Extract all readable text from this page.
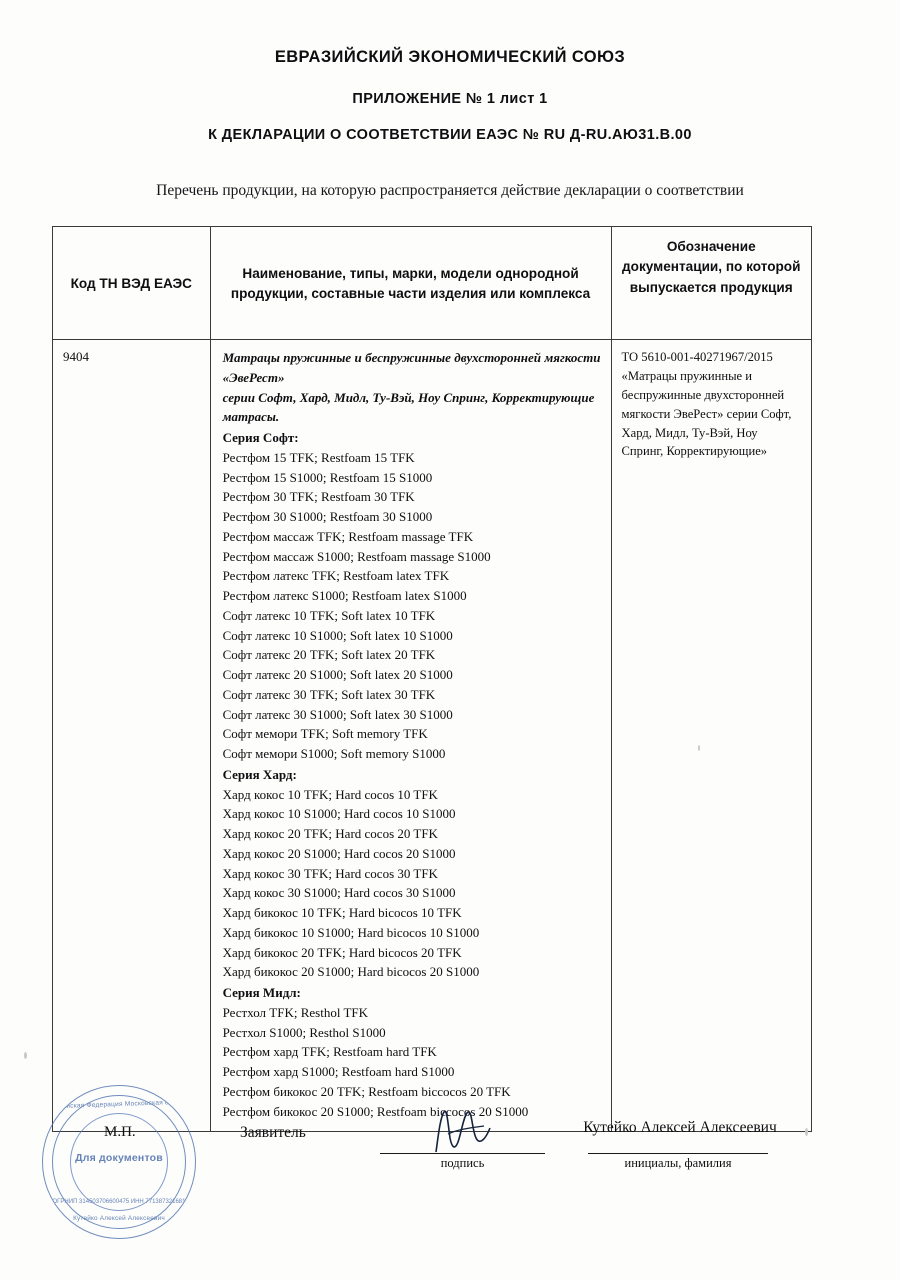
ЕВРАЗИЙСКИЙ ЭКОНОМИЧЕСКИЙ СОЮЗ
ПРИЛОЖЕНИЕ № 1 лист 1
К ДЕКЛАРАЦИИ О СООТВЕТСТВИИ ЕАЭС № RU Д-RU.АЮ31.В.00
Перечень продукции, на которую распространяется действие декларации о соответствии
Код ТН ВЭД ЕАЭС
Наименование, типы, марки, модели однородной продукции, составные части изделия или комплекса
Обозначение документации, по которой выпускается продукция
9404	Матрацы пружинные и беспружинные двухсторонней мягкости «ЭвеРест»
серии Софт, Хард, Мидл, Ту-Вэй, Ноу Спринг, Корректирующие матрасы.
Серия Софт:
Рестфом 15 TFK; Restfoam 15 TFK
Рестфом 15 S1000; Restfoam 15 S1000
Рестфом 30 TFK; Restfoam 30 TFK
Рестфом 30 S1000; Restfoam 30 S1000
Рестфом массаж TFK; Restfoam massage TFK
Рестфом массаж S1000; Restfoam massage S1000
Рестфом латекс TFK; Restfoam latex TFK
Рестфом латекс S1000; Restfoam latex S1000
Софт латекс 10 TFK; Soft latex 10 TFK
Софт латекс 10 S1000; Soft latex 10 S1000
Софт латекс 20 TFK; Soft latex 20 TFK
Софт латекс 20 S1000; Soft latex 20 S1000
Софт латекс 30 TFK; Soft latex 30 TFK
Софт латекс 30 S1000; Soft latex 30 S1000
Софт мемори TFK; Soft memory TFK
Софт мемори S1000; Soft memory S1000
Серия Хард:
Хард кокос 10 TFK; Hard cocos 10 TFK
Хард кокос 10 S1000; Hard cocos 10 S1000
Хард кокос 20 TFK; Hard cocos 20 TFK
Хард кокос 20 S1000; Hard cocos 20 S1000
Хард кокос 30 TFK; Hard cocos 30 TFK
Хард кокос 30 S1000; Hard cocos 30 S1000
Хард бикокос 10 TFK; Hard bicocos 10 TFK
Хард бикокос 10 S1000; Hard bicocos 10 S1000
Хард бикокос 20 TFK; Hard bicocos 20 TFK
Хард бикокос 20 S1000; Hard bicocos 20 S1000
Серия Мидл:
Рестхол TFK; Resthol TFK
Рестхол S1000; Resthol S1000
Рестфом хард TFK; Restfoam hard TFK
Рестфом хард S1000; Restfoam hard S1000
Рестфом бикокос 20 TFK; Restfoam biccocos 20 TFK
Рестфом бикокос 20 S1000; Restfoam biccocos 20 S1000
ТО 5610-001-40271967/2015 «Матрацы пружинные и беспружинные двухсторонней мягкости ЭвеРест» серии Софт, Хард, Мидл, Ту-Вэй, Ноу Спринг, Корректирующие»
Российская Федерация Московская область
Для документов
ОГРНИП 314503706600475 ИНН 771387321681
Кутейко Алексей Алексеевич
М.П.	Заявитель
подпись
Кутейко Алексей Алексеевич
инициалы, фамилия
